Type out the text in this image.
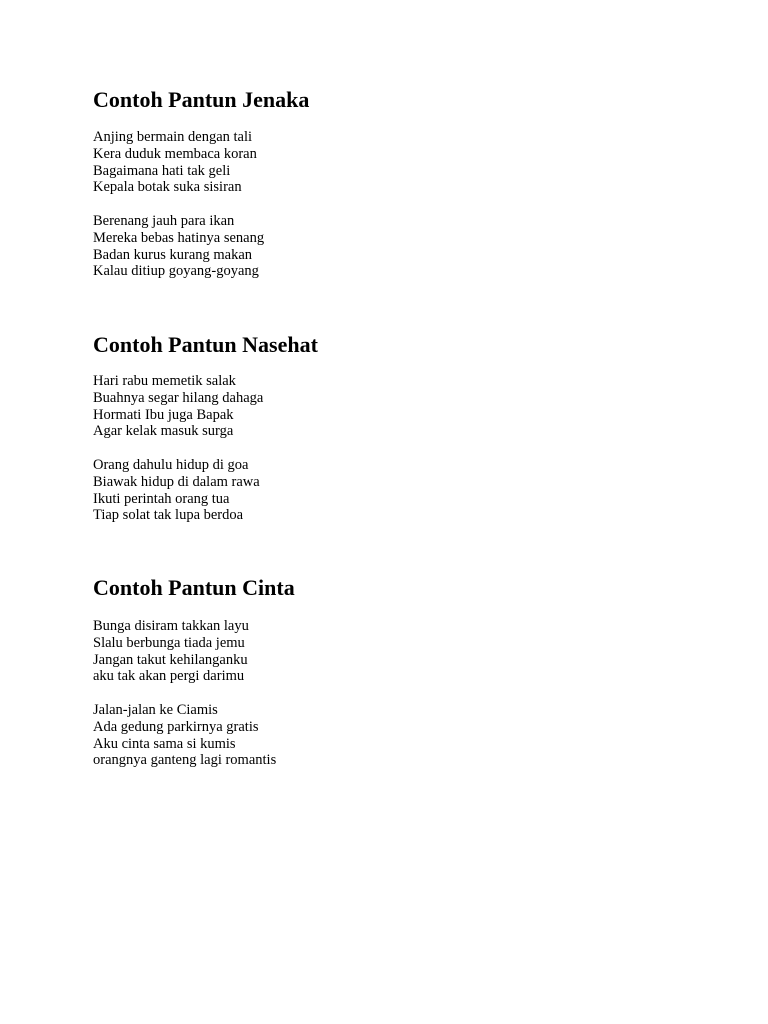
Contoh Pantun Jenaka
Anjing bermain dengan tali
Kera duduk membaca koran
Bagaimana hati tak geli
Kepala botak suka sisiran
Berenang jauh para ikan
Mereka bebas hatinya senang
Badan kurus kurang makan
Kalau ditiup goyang-goyang
Contoh Pantun Nasehat
Hari rabu memetik salak
Buahnya segar hilang dahaga
Hormati Ibu juga Bapak
Agar kelak masuk surga
Orang dahulu hidup di goa
Biawak hidup di dalam rawa
Ikuti perintah orang tua
Tiap solat tak lupa berdoa
Contoh Pantun Cinta
Bunga disiram takkan layu
Slalu berbunga tiada jemu
Jangan takut kehilanganku
aku tak akan pergi darimu
Jalan-jalan ke Ciamis
Ada gedung parkirnya gratis
Aku cinta sama si kumis
orangnya ganteng lagi romantis
